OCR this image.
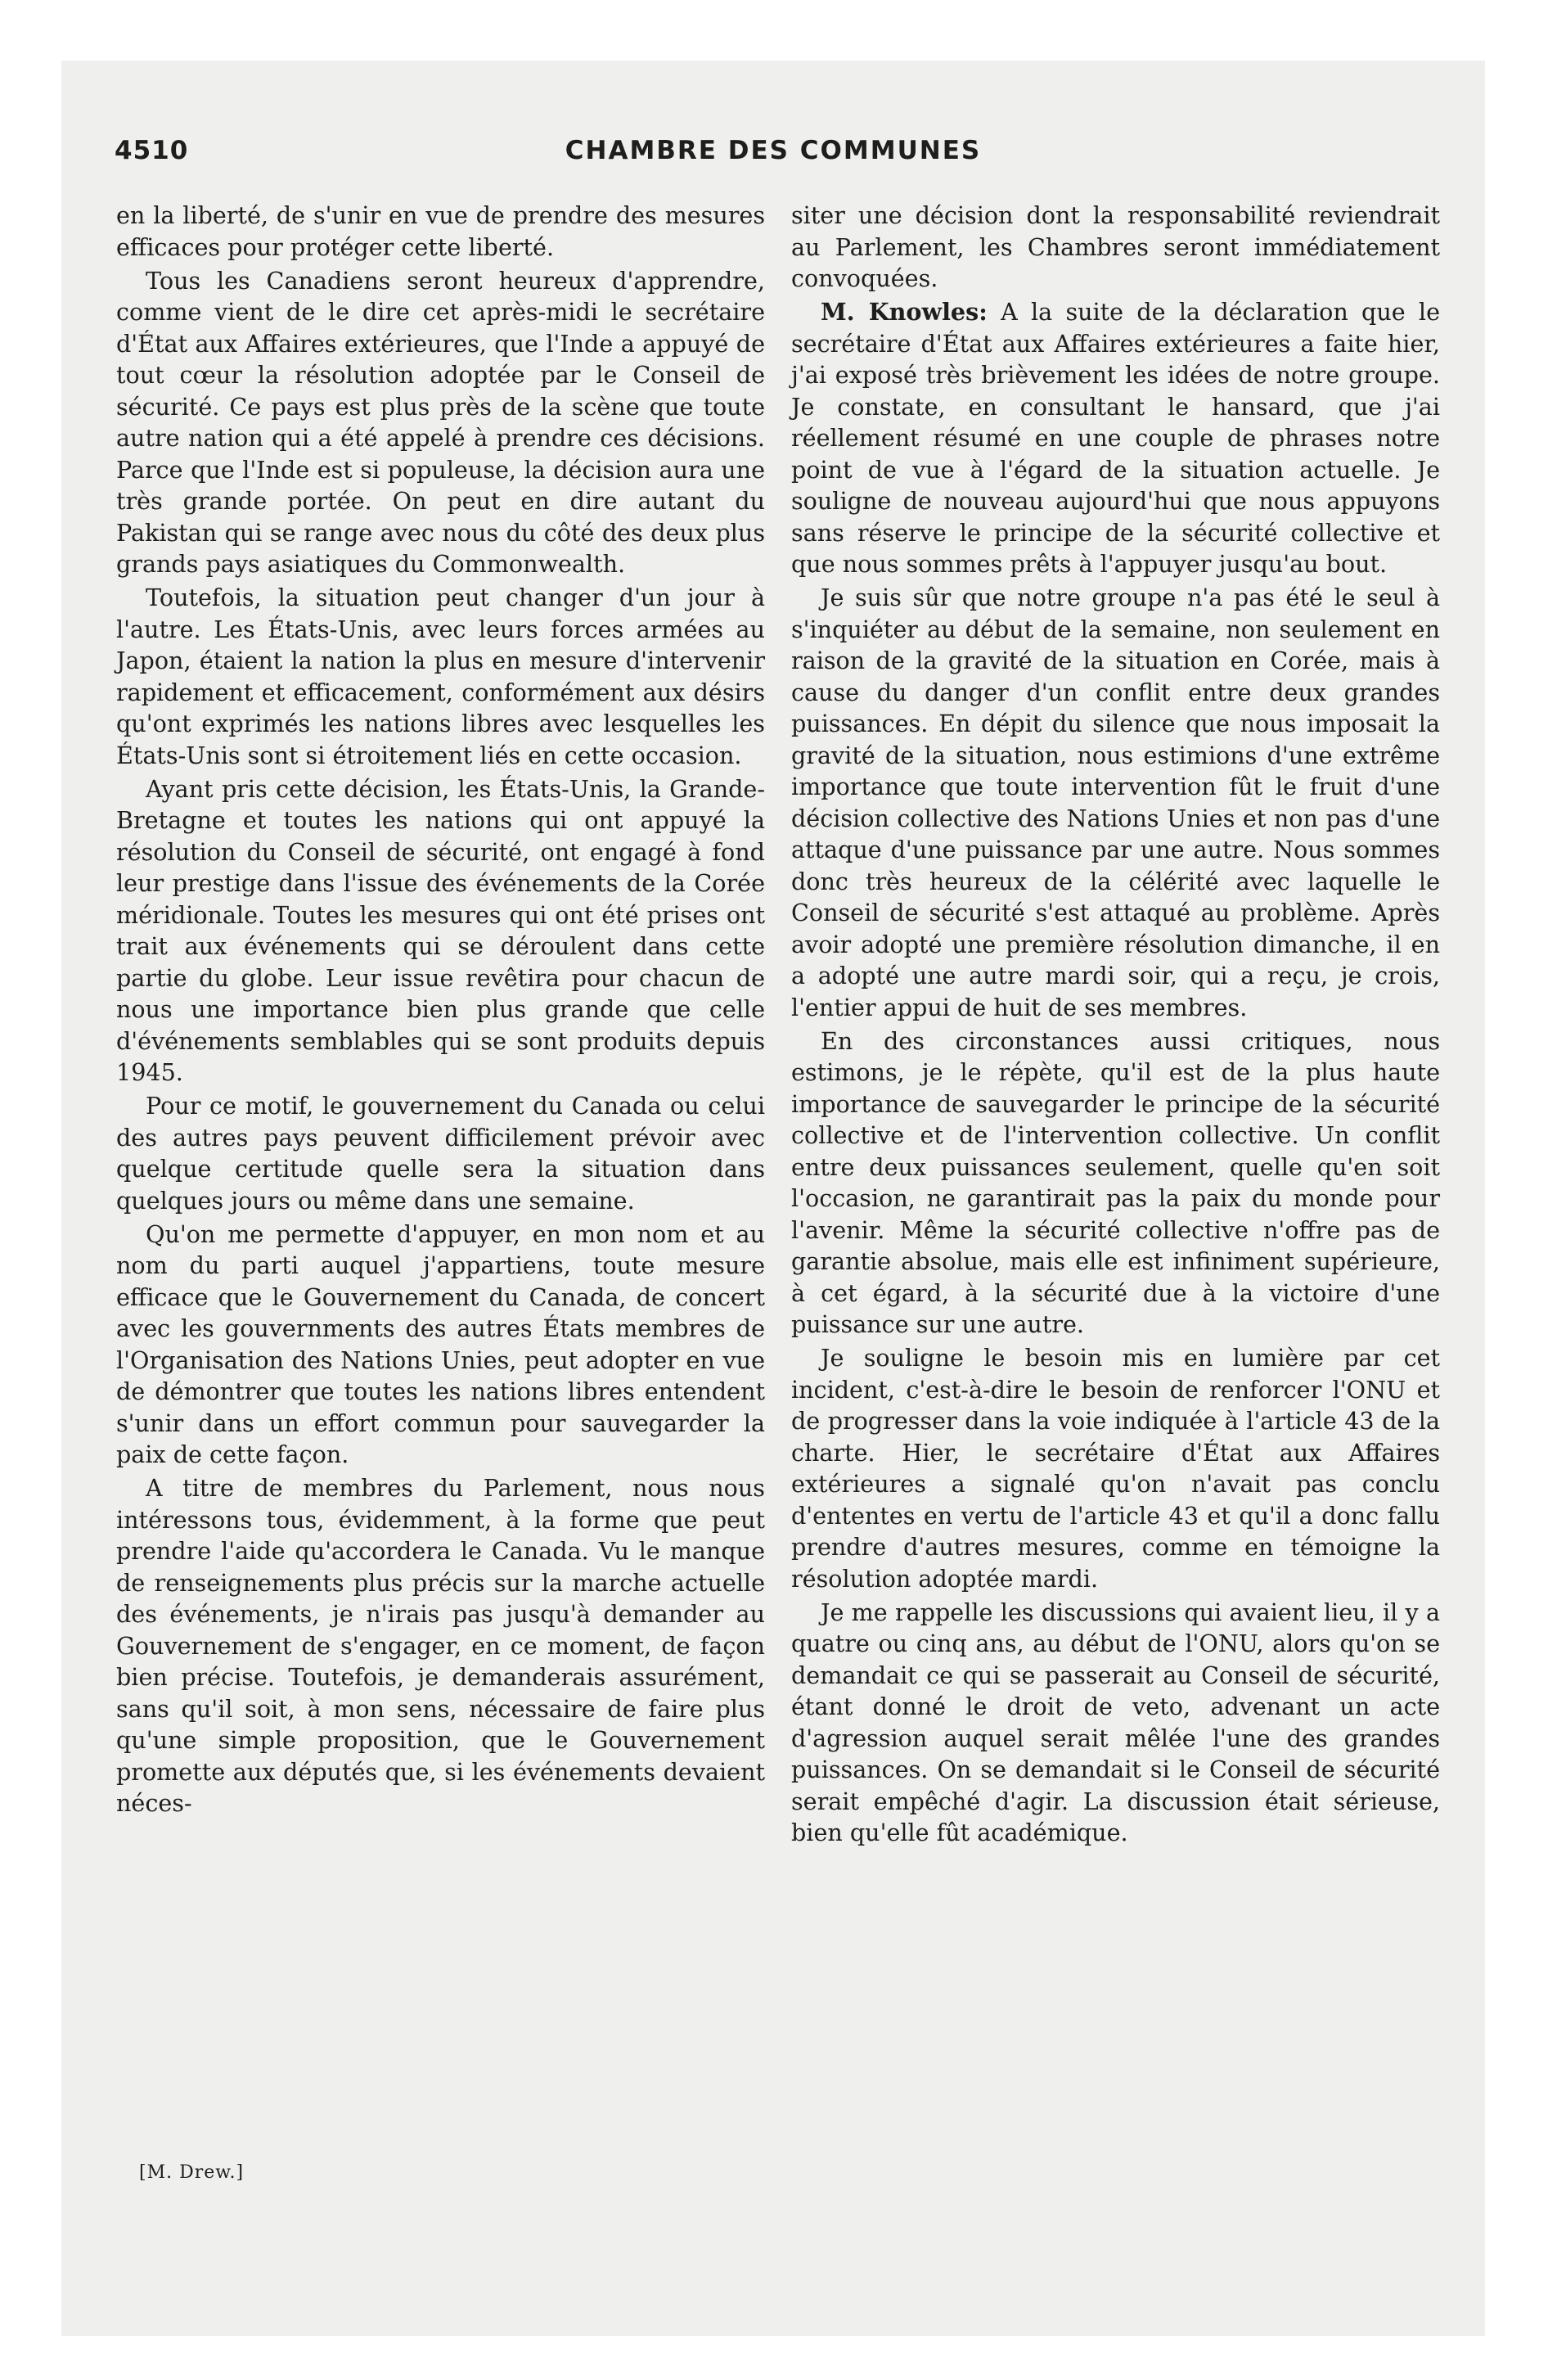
4510	CHAMBRE DES COMMUNES

en la liberté, de s'unir en vue de prendre des mesures efficaces pour protéger cette liberté.

Tous les Canadiens seront heureux d'apprendre, comme vient de le dire cet après-midi le secrétaire d'État aux Affaires extérieures, que l'Inde a appuyé de tout cœur la résolution adoptée par le Conseil de sécurité. Ce pays est plus près de la scène que toute autre nation qui a été appelé à prendre ces décisions. Parce que l'Inde est si populeuse, la décision aura une très grande portée. On peut en dire autant du Pakistan qui se range avec nous du côté des deux plus grands pays asiatiques du Commonwealth.

Toutefois, la situation peut changer d'un jour à l'autre. Les États-Unis, avec leurs forces armées au Japon, étaient la nation la plus en mesure d'intervenir rapidement et efficacement, conformément aux désirs qu'ont exprimés les nations libres avec lesquelles les États-Unis sont si étroitement liés en cette occasion.

Ayant pris cette décision, les États-Unis, la Grande-Bretagne et toutes les nations qui ont appuyé la résolution du Conseil de sécurité, ont engagé à fond leur prestige dans l'issue des événements de la Corée méridionale. Toutes les mesures qui ont été prises ont trait aux événements qui se déroulent dans cette partie du globe. Leur issue revêtira pour chacun de nous une importance bien plus grande que celle d'événements semblables qui se sont produits depuis 1945.

Pour ce motif, le gouvernement du Canada ou celui des autres pays peuvent difficilement prévoir avec quelque certitude quelle sera la situation dans quelques jours ou même dans une semaine.

Qu'on me permette d'appuyer, en mon nom et au nom du parti auquel j'appartiens, toute mesure efficace que le Gouvernement du Canada, de concert avec les gouvernments des autres États membres de l'Organisation des Nations Unies, peut adopter en vue de démontrer que toutes les nations libres entendent s'unir dans un effort commun pour sauvegarder la paix de cette façon.

A titre de membres du Parlement, nous nous intéressons tous, évidemment, à la forme que peut prendre l'aide qu'accordera le Canada. Vu le manque de renseignements plus précis sur la marche actuelle des événements, je n'irais pas jusqu'à demander au Gouvernement de s'engager, en ce moment, de façon bien précise. Toutefois, je demanderais assurément, sans qu'il soit, à mon sens, nécessaire de faire plus qu'une simple proposition, que le Gouvernement promette aux députés que, si les événements devaient néces-

siter une décision dont la responsabilité reviendrait au Parlement, les Chambres seront immédiatement convoquées.

M. Knowles: A la suite de la déclaration que le secrétaire d'État aux Affaires extérieures a faite hier, j'ai exposé très brièvement les idées de notre groupe. Je constate, en consultant le hansard, que j'ai réellement résumé en une couple de phrases notre point de vue à l'égard de la situation actuelle. Je souligne de nouveau aujourd'hui que nous appuyons sans réserve le principe de la sécurité collective et que nous sommes prêts à l'appuyer jusqu'au bout.

Je suis sûr que notre groupe n'a pas été le seul à s'inquiéter au début de la semaine, non seulement en raison de la gravité de la situation en Corée, mais à cause du danger d'un conflit entre deux grandes puissances. En dépit du silence que nous imposait la gravité de la situation, nous estimions d'une extrême importance que toute intervention fût le fruit d'une décision collective des Nations Unies et non pas d'une attaque d'une puissance par une autre. Nous sommes donc très heureux de la célérité avec laquelle le Conseil de sécurité s'est attaqué au problème. Après avoir adopté une première résolution dimanche, il en a adopté une autre mardi soir, qui a reçu, je crois, l'entier appui de huit de ses membres.

En des circonstances aussi critiques, nous estimons, je le répète, qu'il est de la plus haute importance de sauvegarder le principe de la sécurité collective et de l'intervention collective. Un conflit entre deux puissances seulement, quelle qu'en soit l'occasion, ne garantirait pas la paix du monde pour l'avenir. Même la sécurité collective n'offre pas de garantie absolue, mais elle est infiniment supérieure, à cet égard, à la sécurité due à la victoire d'une puissance sur une autre.

Je souligne le besoin mis en lumière par cet incident, c'est-à-dire le besoin de renforcer l'ONU et de progresser dans la voie indiquée à l'article 43 de la charte. Hier, le secrétaire d'État aux Affaires extérieures a signalé qu'on n'avait pas conclu d'ententes en vertu de l'article 43 et qu'il a donc fallu prendre d'autres mesures, comme en témoigne la résolution adoptée mardi.

Je me rappelle les discussions qui avaient lieu, il y a quatre ou cinq ans, au début de l'ONU, alors qu'on se demandait ce qui se passerait au Conseil de sécurité, étant donné le droit de veto, advenant un acte d'agression auquel serait mêlée l'une des grandes puissances. On se demandait si le Conseil de sécurité serait empêché d'agir. La discussion était sérieuse, bien qu'elle fût académique.

[M. Drew.]
